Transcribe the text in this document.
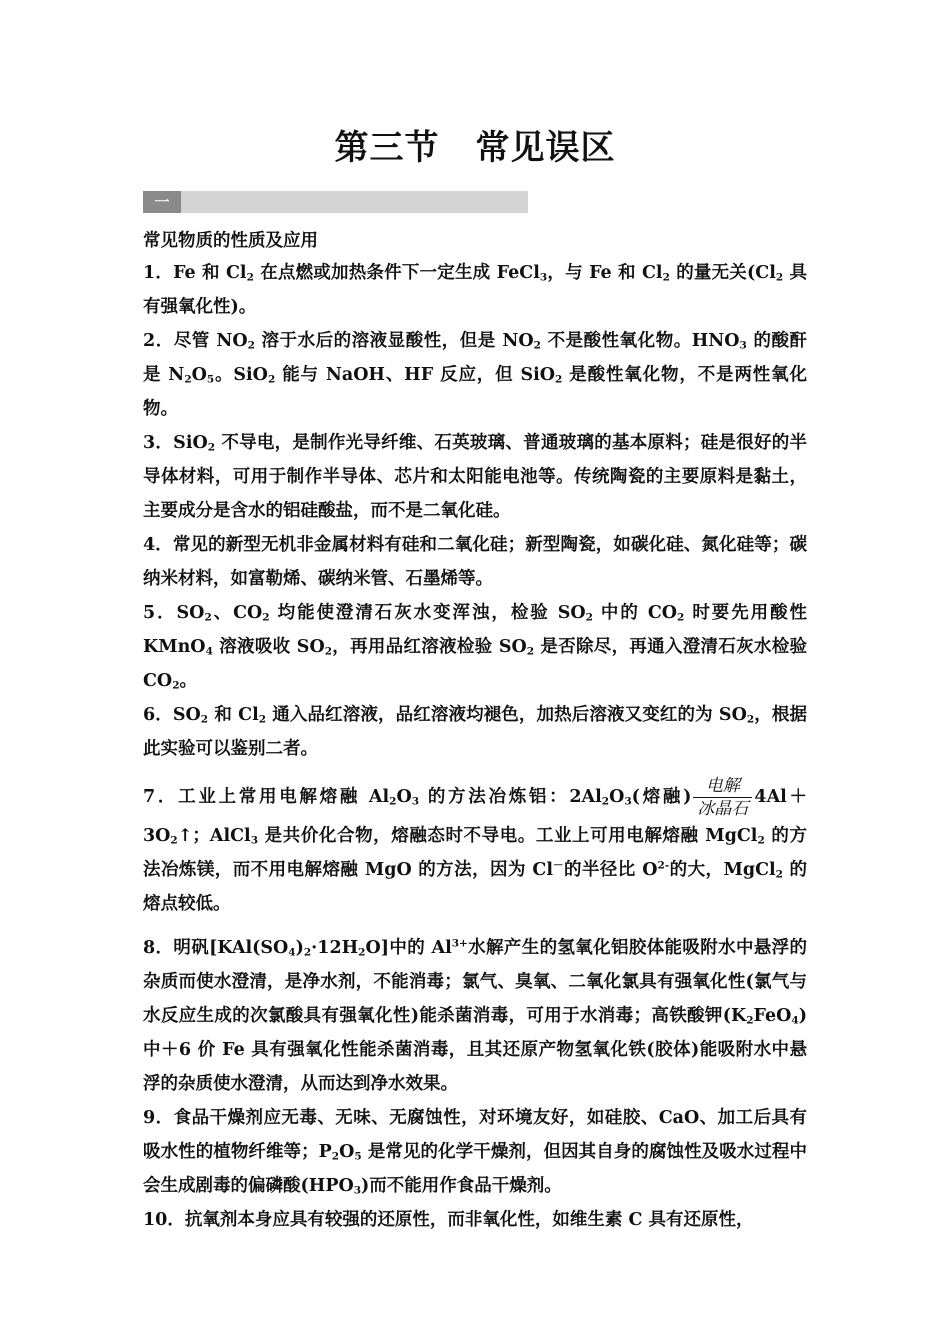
第三节 常见误区
一

常见物质的性质及应用

1．Fe 和 $Cl_2$ 在点燃或加热条件下一定生成 FeCl$_3$，与 Fe 和 $Cl_2$ 的量无关($Cl_2$ 具有强氧化性)。

2．尽管 $NO_2$ 溶于水后的溶液显酸性，但是 $NO_2$ 不是酸性氧化物。$HNO_3$ 的酸酐是 $N_2O_5$。SiO$_2$ 能与 NaOH、HF 反应，但 SiO$_2$ 是酸性氧化物，不是两性氧化物。

3．SiO$_2$ 不导电，是制作光导纤维、石英玻璃、普通玻璃的基本原料；硅是很好的半导体材料，可用于制作半导体、芯片和太阳能电池等。传统陶瓷的主要原料是黏土，主要成分是含水的铝硅酸盐，而不是二氧化硅。

4．常见的新型无机非金属材料有硅和二氧化硅；新型陶瓷，如碳化硅、氮化硅等；碳纳米材料，如富勒烯、碳纳米管、石墨烯等。

5．$SO_2$、$CO_2$ 均能使澄清石灰水变浑浊，检验 $SO_2$ 中的 $CO_2$ 时要先用酸性 KMnO$_4$ 溶液吸收 $SO_2$，再用品红溶液检验 $SO_2$ 是否除尽，再通入澄清石灰水检验 $CO_2$。

6．$SO_2$ 和 $Cl_2$ 通入品红溶液，品红溶液均褪色，加热后溶液又变红的为 $SO_2$，根据此实验可以鉴别二者。

7．工业上常用电解熔融 $Al_2O_3$ 的方法冶炼铝：$2Al_2O_3$(熔融)
电解
冰晶石
$4Al+3O_2↑$；AlCl$_3$ 是共价化合物，熔融态时不导电。工业上可用电解熔融 MgCl$_2$ 的方法冶炼镁，而不用电解熔融 MgO 的方法，因为 Cl－的半径比 $O^{2-}$的大，MgCl$_2$ 的熔点较低。

8．明矾$[KAl(SO_4)_2\cdot 12H_2O]$中的 $Al^{3+}$水解产生的氢氧化铝胶体能吸附水中悬浮的杂质而使水澄清，是净水剂，不能消毒；氯气、臭氧、二氧化氯具有强氧化性(氯气与水反应生成的次氯酸具有强氧化性)能杀菌消毒，可用于水消毒；高铁酸钾$(K_2FeO_4)$中＋6 价 Fe 具有强氧化性能杀菌消毒，且其还原产物氢氧化铁(胶体)能吸附水中悬浮的杂质使水澄清，从而达到净水效果。

9．食品干燥剂应无毒、无味、无腐蚀性，对环境友好，如硅胶、CaO、加工后具有吸水性的植物纤维等；$P_2O_5$ 是常见的化学干燥剂，但因其自身的腐蚀性及吸水过程中会生成剧毒的偏磷酸$(HPO_3)$而不能用作食品干燥剂。

10．抗氧剂本身应具有较强的还原性，而非氧化性，如维生素 C 具有还原性，
